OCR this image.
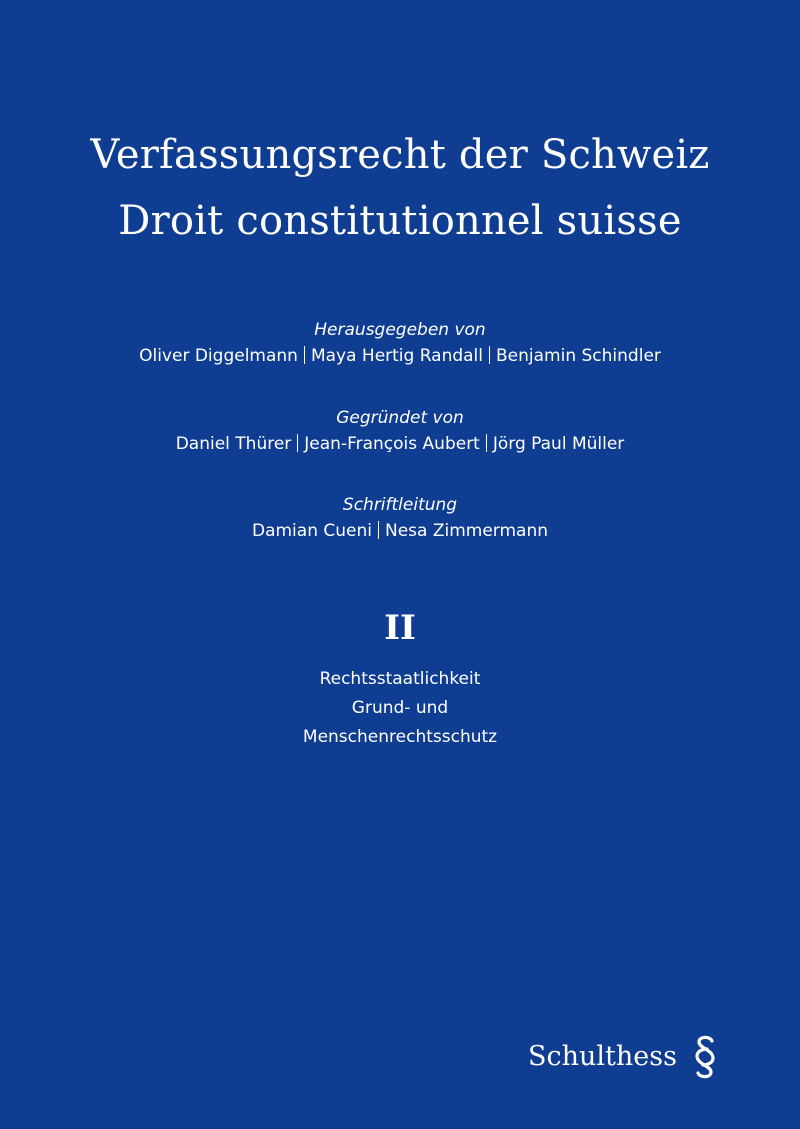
Verfassungsrecht der Schweiz
Droit constitutionnel suisse
Herausgegeben von
Oliver Diggelmann Maya Hertig Randall Benjamin Schindler
Gegründet von
Daniel Thürer Jean-François Aubert Jörg Paul Müller
Schriftleitung
Damian Cueni Nesa Zimmermann
II
Rechtsstaatlichkeit
Grund- und
Menschenrechtsschutz
Schulthess
